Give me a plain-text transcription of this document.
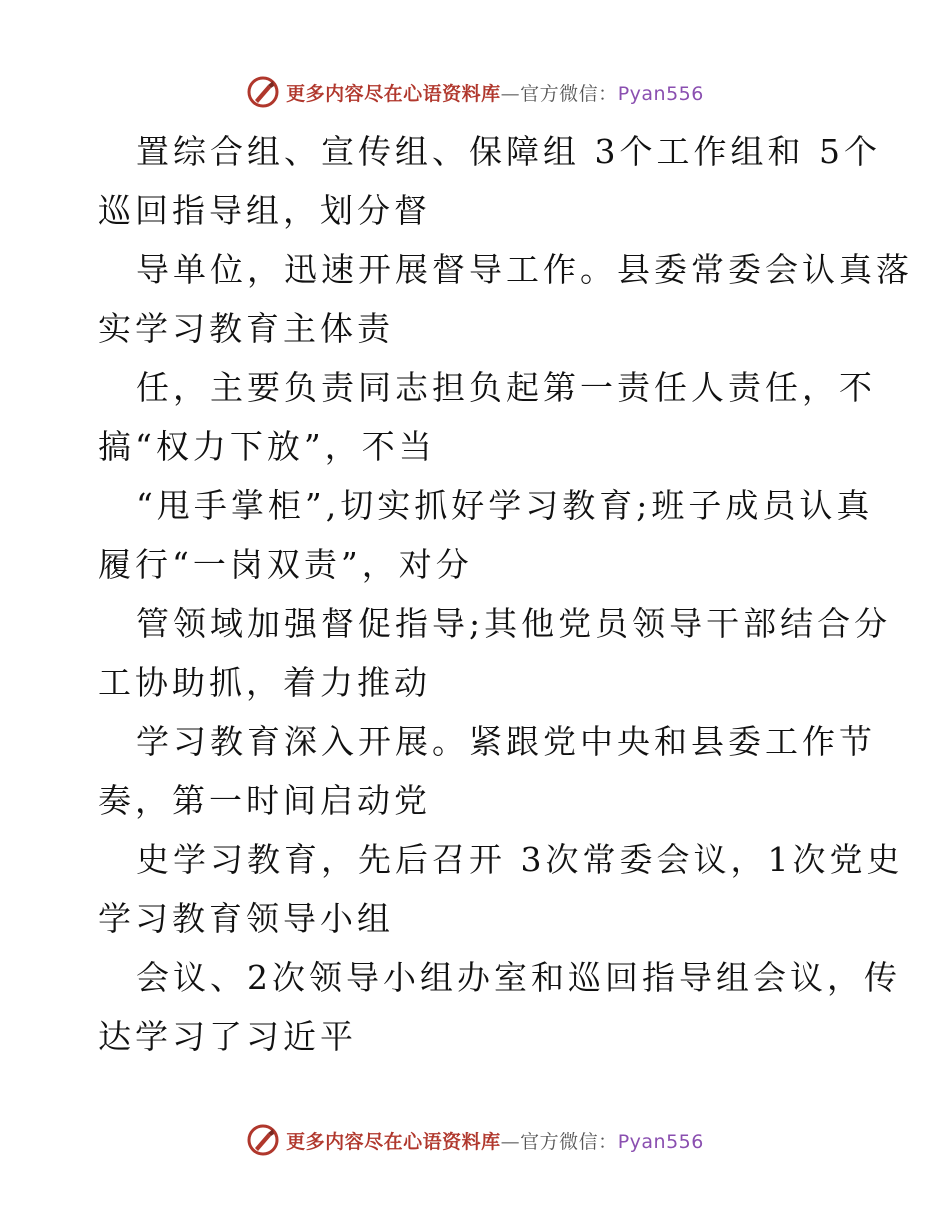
更多内容尽在心语资料库—官方微信：Pyan556
置综合组、宣传组、保障组 3个工作组和 5个
巡回指导组，划分督
导单位，迅速开展督导工作。县委常委会认真落
实学习教育主体责
任，主要负责同志担负起第一责任人责任，不
搞“权力下放”，不当
“甩手掌柜”,切实抓好学习教育;班子成员认真
履行“一岗双责”，对分
管领域加强督促指导;其他党员领导干部结合分
工协助抓，着力推动
学习教育深入开展。紧跟党中央和县委工作节
奏，第一时间启动党
史学习教育，先后召开 3次常委会议，1次党史
学习教育领导小组
会议、2次领导小组办室和巡回指导组会议，传
达学习了习近平
更多内容尽在心语资料库—官方微信：Pyan556
